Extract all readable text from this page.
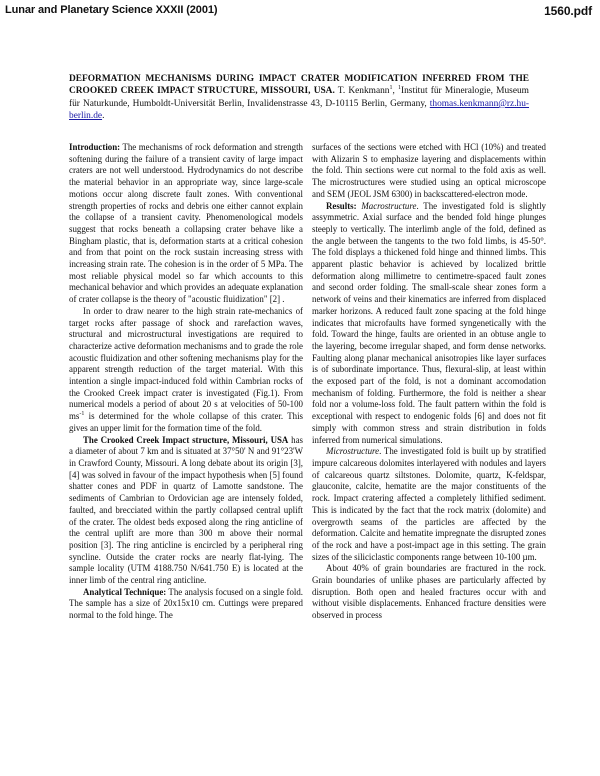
Lunar and Planetary Science XXXII (2001)	1560.pdf
DEFORMATION MECHANISMS DURING IMPACT CRATER MODIFICATION INFERRED FROM THE CROOKED CREEK IMPACT STRUCTURE, MISSOURI, USA. T. Kenkmann$^1$, $^1$Institut für Mineralogie, Museum für Naturkunde, Humboldt-Universität Berlin, Invalidenstrasse 43, D-10115 Berlin, Germany, thomas.kenkmann@rz.hu-berlin.de.

Introduction: The mechanisms of rock deformation and strength softening during the failure of a transient cavity of large impact craters are not well understood. Hydrodynamics do not describe the material behavior in an appropriate way, since large-scale motions occur along discrete fault zones. With conventional strength properties of rocks and debris one either cannot explain the collapse of a transient cavity. Phenomenological models suggest that rocks beneath a collapsing crater behave like a Bingham plastic, that is, deformation starts at a critical cohesion and from that point on the rock sustain increasing stress with increasing strain rate. The cohesion is in the order of 5 MPa. The most reliable physical model so far which accounts to this mechanical behavior and which provides an adequate explanation of crater collapse is the theory of "acoustic fluidization" [2] .

In order to draw nearer to the high strain rate-mechanics of target rocks after passage of shock and rarefaction waves, structural and microstructural investigations are required to characterize active deformation mechanisms and to grade the role acoustic fluidization and other softening mechanisms play for the apparent strength reduction of the target material. With this intention a single impact-induced fold within Cambrian rocks of the Crooked Creek impact crater is investigated (Fig.1). From numerical models a period of about 20 s at velocities of 50-100 $ms^{-1}$ is determined for the whole collapse of this crater. This gives an upper limit for the formation time of the fold.

The Crooked Creek Impact structure, Missouri, USA has a diameter of about 7 km and is situated at 37°50' N and 91°23'W in Crawford County, Missouri. A long debate about its origin [3], [4] was solved in favour of the impact hypothesis when [5] found shatter cones and PDF in quartz of Lamotte sandstone. The sediments of Cambrian to Ordovician age are intensely folded, faulted, and brecciated within the partly collapsed central uplift of the crater. The oldest beds exposed along the ring anticline of the central uplift are more than 300 m above their normal position [3]. The ring anticline is encircled by a peripheral ring syncline. Outside the crater rocks are nearly flat-lying. The sample locality (UTM 4188.750 N/641.750 E) is located at the inner limb of the central ring anticline.

Analytical Technique: The analysis focused on a single fold. The sample has a size of 20x15x10 cm. Cuttings were prepared normal to the fold hinge. The

surfaces of the sections were etched with HCl (10%) and treated with Alizarin S to emphasize layering and displacements within the fold. Thin sections were cut normal to the fold axis as well. The microstructures were studied using an optical microscope and SEM (JEOL JSM 6300) in backscattered-electron mode.

Results: Macrostructure. The investigated fold is slightly assymmetric. Axial surface and the bended fold hinge plunges steeply to vertically. The interlimb angle of the fold, defined as the angle between the tangents to the two fold limbs, is 45-50°. The fold displays a thickened fold hinge and thinned limbs. This apparent plastic behavior is achieved by localized brittle deformation along millimetre to centimetre-spaced fault zones and second order folding. The small-scale shear zones form a network of veins and their kinematics are inferred from displaced marker horizons. A reduced fault zone spacing at the fold hinge indicates that microfaults have formed syngenetically with the fold. Toward the hinge, faults are oriented in an obtuse angle to the layering, become irregular shaped, and form dense networks. Faulting along planar mechanical anisotropies like layer surfaces is of subordinate importance. Thus, flexural-slip, at least within the exposed part of the fold, is not a dominant accomodation mechanism of folding. Furthermore, the fold is neither a shear fold nor a volume-loss fold. The fault pattern within the fold is exceptional with respect to endogenic folds [6] and does not fit simply with common stress and strain distribution in folds inferred from numerical simulations.

Microstructure. The investigated fold is built up by stratified impure calcareous dolomites interlayered with nodules and layers of calcareous quartz siltstones. Dolomite, quartz, K-feldspar, glauconite, calcite, hematite are the major constituents of the rock. Impact cratering affected a completely lithified sediment. This is indicated by the fact that the rock matrix (dolomite) and overgrowth seams of the particles are affected by the deformation. Calcite and hematite impregnate the disrupted zones of the rock and have a post-impact age in this setting. The grain sizes of the siliciclastic components range between 10-100 µm.

About 40% of grain boundaries are fractured in the rock. Grain boundaries of unlike phases are particularly affected by disruption. Both open and healed fractures occur with and without visible displacements. Enhanced fracture densities were observed in process
